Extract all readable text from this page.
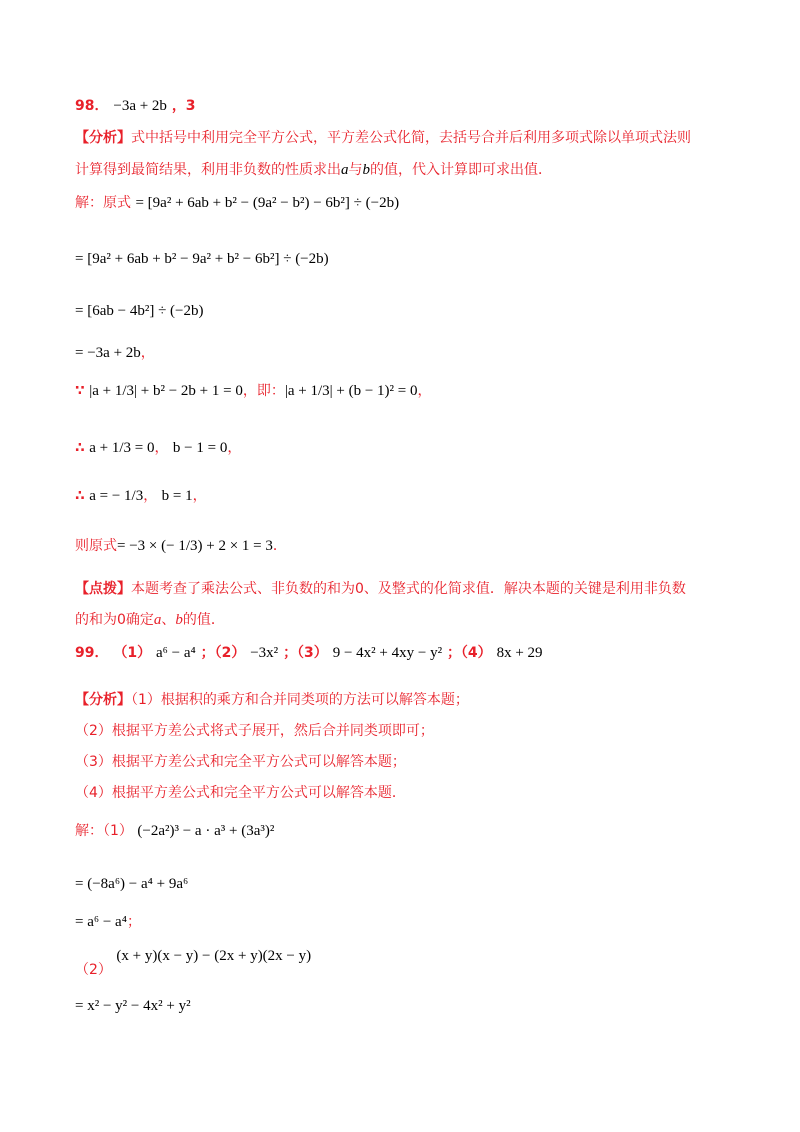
98． −3a + 2b ，3
【分析】式中括号中利用完全平方公式，平方差公式化简，去括号合并后利用多项式除以单项式法则
计算得到最简结果，利用非负数的性质求出a与b的值，代入计算即可求出值．
解：原式 = [9a² + 6ab + b² − (9a² − b²) − 6b²] ÷ (−2b)
= [9a² + 6ab + b² − 9a² + b² − 6b²] ÷ (−2b)
= [6ab − 4b²] ÷ (−2b)
= −3a + 2b，
∵ |a + 1/3| + b² − 2b + 1 = 0，即：|a + 1/3| + (b − 1)² = 0，
∴ a + 1/3 = 0， b − 1 = 0，
∴ a = − 1/3， b = 1，
则原式= −3 × (− 1/3) + 2 × 1 = 3．
【点拨】本题考查了乘法公式、非负数的和为0、及整式的化简求值．解决本题的关键是利用非负数
的和为0确定a、b的值．
99． （1） a⁶ − a⁴ ；（2） −3x² ；（3） 9 − 4x² + 4xy − y² ；（4） 8x + 29
【分析】（1）根据积的乘方和合并同类项的方法可以解答本题；
（2）根据平方差公式将式子展开，然后合并同类项即可；
（3）根据平方差公式和完全平方公式可以解答本题；
（4）根据平方差公式和完全平方公式可以解答本题．
解：（1） (−2a²)³ − a · a³ + (3a³)²
= (−8a⁶) − a⁴ + 9a⁶
= a⁶ − a⁴；
（2） (x + y)(x − y) − (2x + y)(2x − y)
= x² − y² − 4x² + y²
